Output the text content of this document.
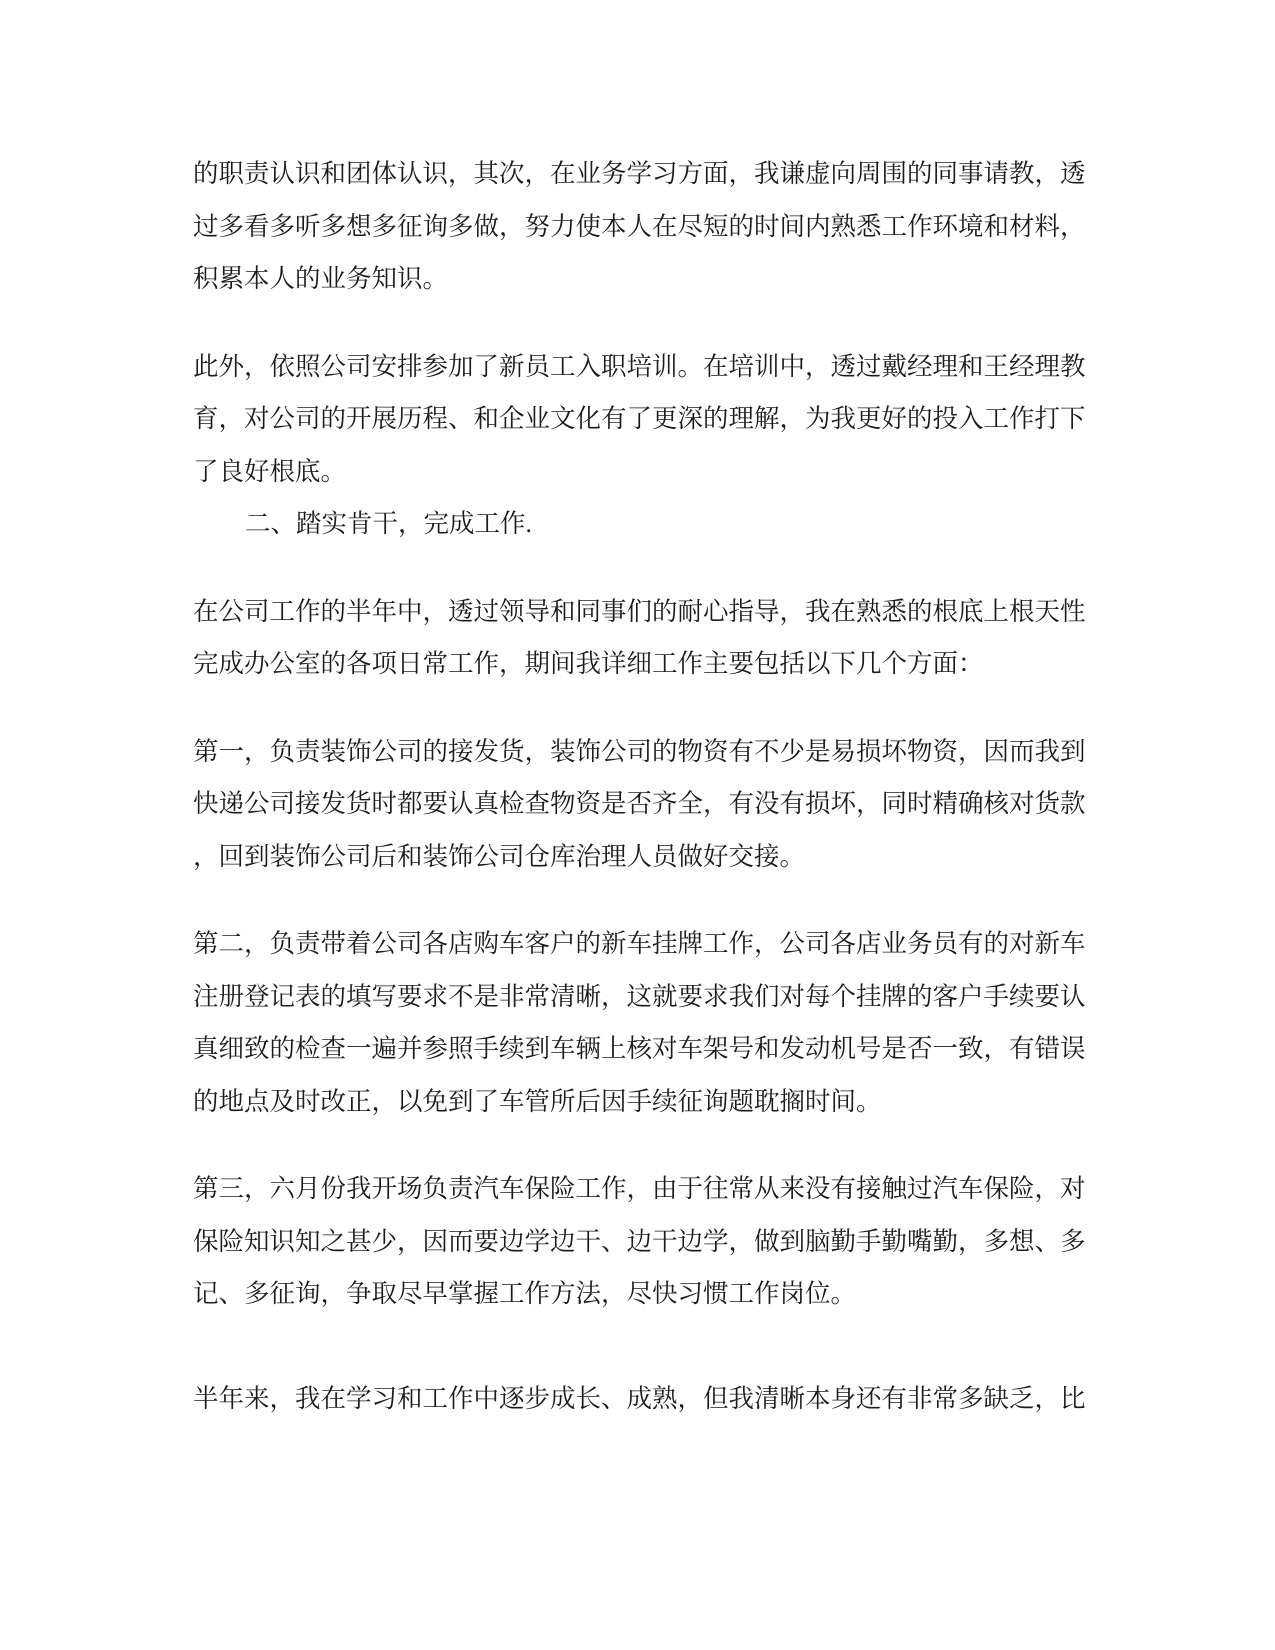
的职责认识和团体认识，其次，在业务学习方面，我谦虚向周围的同事请教，透
过多看多听多想多征询多做，努力使本人在尽短的时间内熟悉工作环境和材料，
积累本人的业务知识。
此外，依照公司安排参加了新员工入职培训。在培训中，透过戴经理和王经理教
育，对公司的开展历程、和企业文化有了更深的理解，为我更好的投入工作打下
了良好根底。
二、踏实肯干，完成工作.
在公司工作的半年中，透过领导和同事们的耐心指导，我在熟悉的根底上根天性
完成办公室的各项日常工作，期间我详细工作主要包括以下几个方面：
第一，负责装饰公司的接发货，装饰公司的物资有不少是易损坏物资，因而我到
快递公司接发货时都要认真检查物资是否齐全，有没有损坏，同时精确核对货款
，回到装饰公司后和装饰公司仓库治理人员做好交接。
第二，负责带着公司各店购车客户的新车挂牌工作，公司各店业务员有的对新车
注册登记表的填写要求不是非常清晰，这就要求我们对每个挂牌的客户手续要认
真细致的检查一遍并参照手续到车辆上核对车架号和发动机号是否一致，有错误
的地点及时改正，以免到了车管所后因手续征询题耽搁时间。
第三，六月份我开场负责汽车保险工作，由于往常从来没有接触过汽车保险，对
保险知识知之甚少，因而要边学边干、边干边学，做到脑勤手勤嘴勤，多想、多
记、多征询，争取尽早掌握工作方法，尽快习惯工作岗位。
半年来，我在学习和工作中逐步成长、成熟，但我清晰本身还有非常多缺乏，比
